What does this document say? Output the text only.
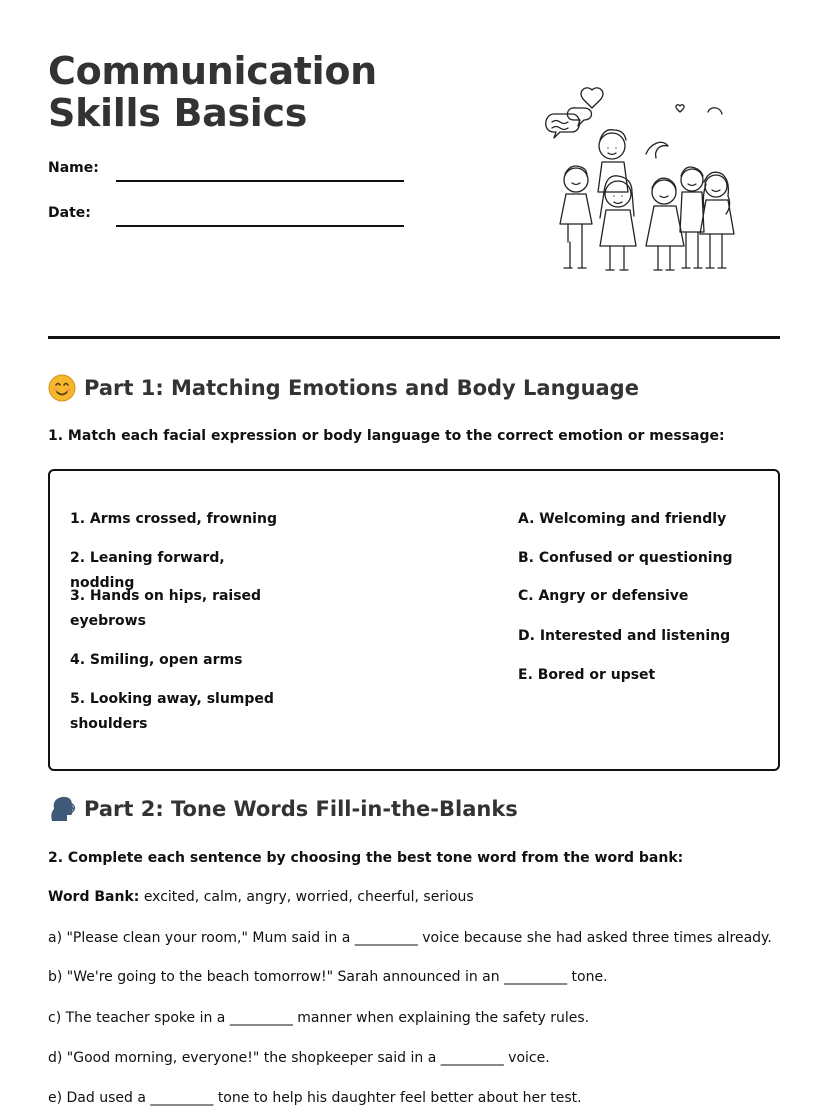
Communication Skills Basics
Name:
Date:
Part 1: Matching Emotions and Body Language
1. Match each facial expression or body language to the correct emotion or message:
1. Arms crossed, frowning
2. Leaning forward, nodding
3. Hands on hips, raised eyebrows
4. Smiling, open arms
5. Looking away, slumped shoulders
A. Welcoming and friendly
B. Confused or questioning
C. Angry or defensive
D. Interested and listening
E. Bored or upset
Part 2: Tone Words Fill-in-the-Blanks
2. Complete each sentence by choosing the best tone word from the word bank:
Word Bank: excited, calm, angry, worried, cheerful, serious
a) "Please clean your room," Mum said in a _________ voice because she had asked three times already.
b) "We're going to the beach tomorrow!" Sarah announced in an _________ tone.
c) The teacher spoke in a _________ manner when explaining the safety rules.
d) "Good morning, everyone!" the shopkeeper said in a _________ voice.
e) Dad used a _________ tone to help his daughter feel better about her test.
